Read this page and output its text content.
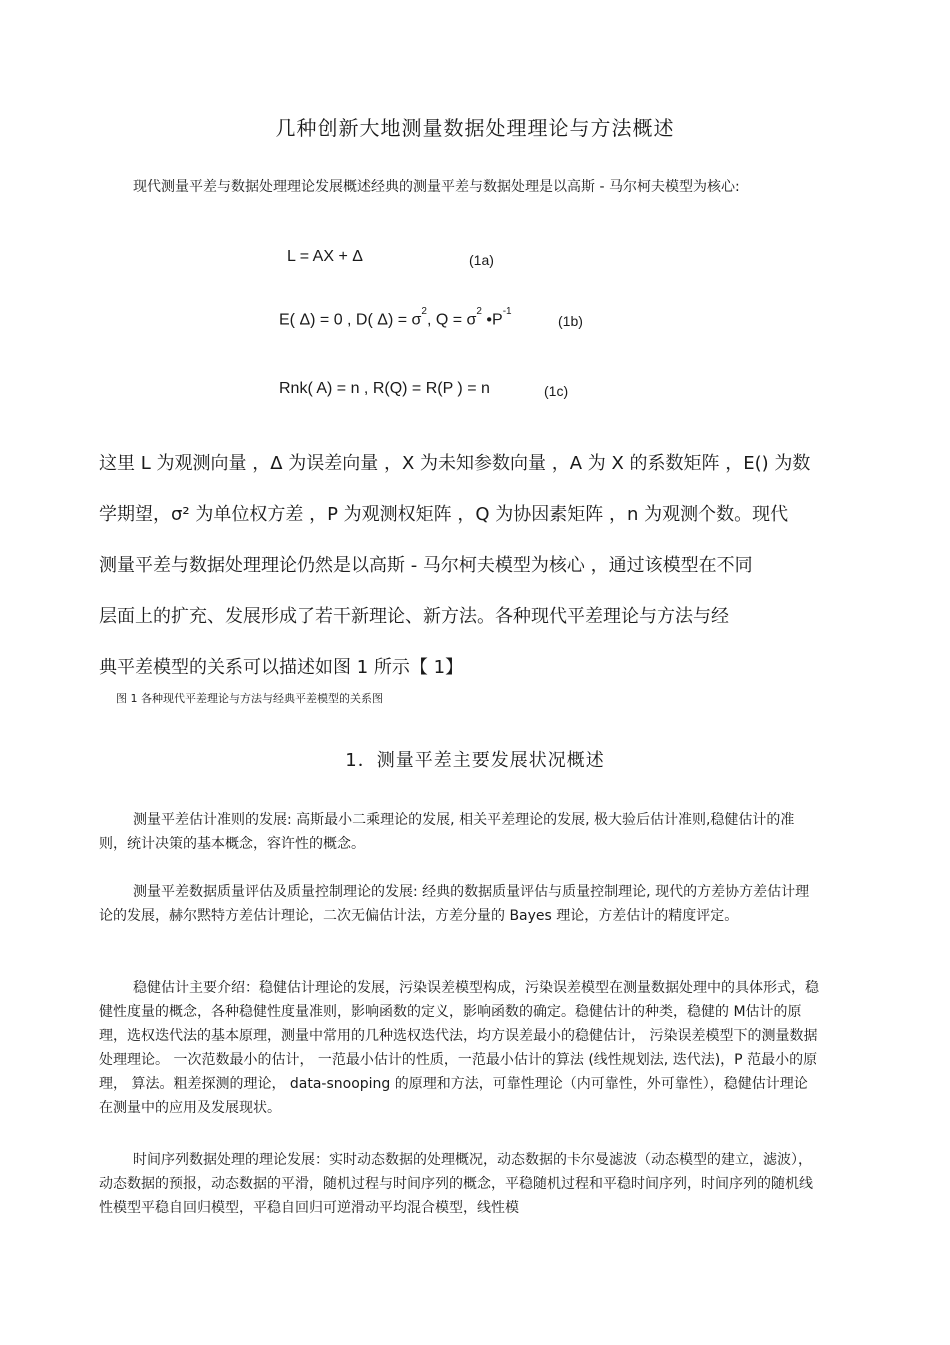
几种创新大地测量数据处理理论与方法概述
现代测量平差与数据处理理论发展概述经典的测量平差与数据处理是以高斯 - 马尔柯夫模型为核心:
L = AX + Δ	(1a)
E( Δ) = 0 , D( $\Delta) = \sigma^2$, $Q = \sigma^2$ $•P^{-1}$
(1b)
Rnk( A) = n , R(Q) = R(P ) = n	(1c)
这里 L 为观测向量 ，Δ 为误差向量 ，X 为未知参数向量 ，A 为 X 的系数矩阵 ，E() 为数
学期望，σ² 为单位权方差 ，P 为观测权矩阵 ，Q 为协因素矩阵 ，n 为观测个数。现代
测量平差与数据处理理论仍然是以高斯 - 马尔柯夫模型为核心 ，通过该模型在不同
层面上的扩充、发展形成了若干新理论、新方法。各种现代平差理论与方法与经
典平差模型的关系可以描述如图 1 所示【 1】
图 1 各种现代平差理论与方法与经典平差模型的关系图
1．测量平差主要发展状况概述
测量平差估计准则的发展: 高斯最小二乘理论的发展, 相关平差理论的发展, 极大验后估计准则,稳健估计的准则，统计决策的基本概念，容许性的概念。
测量平差数据质量评估及质量控制理论的发展: 经典的数据质量评估与质量控制理论, 现代的方差协方差估计理论的发展，赫尔黙特方差估计理论，二次无偏估计法，方差分量的 Bayes 理论，方差估计的精度评定。
稳健估计主要介绍：稳健估计理论的发展，污染误差模型构成，污染误差模型在测量数据处理中的具体形式，稳健性度量的概念，各种稳健性度量准则，影响函数的定义，影响函数的确定。稳健估计的种类，稳健的 M估计的原理，选权迭代法的基本原理，测量中常用的几种选权迭代法，均方误差最小的稳健估计， 污染误差模型下的测量数据处理理论。 一次范数最小的估计， 一范最小估计的性质，一范最小估计的算法 (线性规划法, 迭代法)，P 范最小的原理， 算法。粗差探测的理论， data-snooping 的原理和方法，可靠性理论（内可靠性，外可靠性），稳健估计理论在测量中的应用及发展现状。
时间序列数据处理的理论发展：实时动态数据的处理概况，动态数据的卡尔曼滤波（动态模型的建立，滤波），动态数据的预报，动态数据的平滑，随机过程与时间序列的概念，平稳随机过程和平稳时间序列，时间序列的随机线性模型平稳自回归模型，平稳自回归可逆滑动平均混合模型，线性模
